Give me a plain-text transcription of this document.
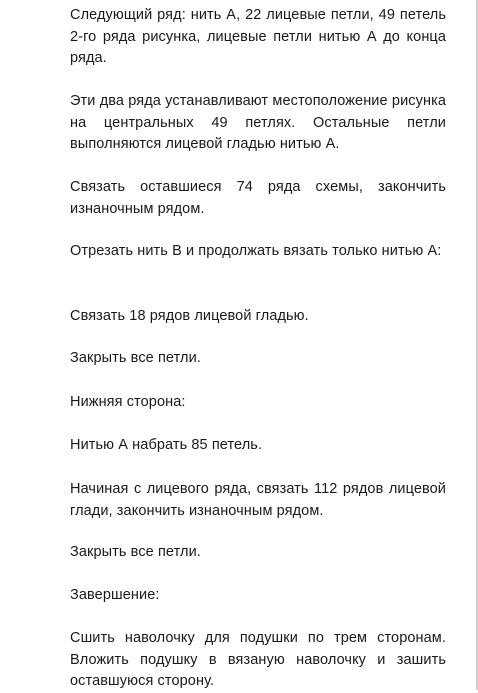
Следующий ряд: нить А, 22 лицевые петли, 49 петель 2-го ряда рисунка, лицевые петли нитью А до конца ряда.

Эти два ряда устанавливают местоположение рисунка на центральных 49 петлях. Остальные петли выполняются лицевой гладью нитью А.

Связать оставшиеся 74 ряда схемы, закончить изнаночным рядом.

Отрезать нить В и продолжать вязать только нитью А:

Связать 18 рядов лицевой гладью.

Закрыть все петли.

Нижняя сторона:

Нитью А набрать 85 петель.

Начиная с лицевого ряда, связать 112 рядов лицевой глади, закончить изнаночным рядом.

Закрыть все петли.

Завершение:

Сшить наволочку для подушки по трем сторонам. Вложить подушку в вязаную наволочку и зашить оставшуюся сторону.
